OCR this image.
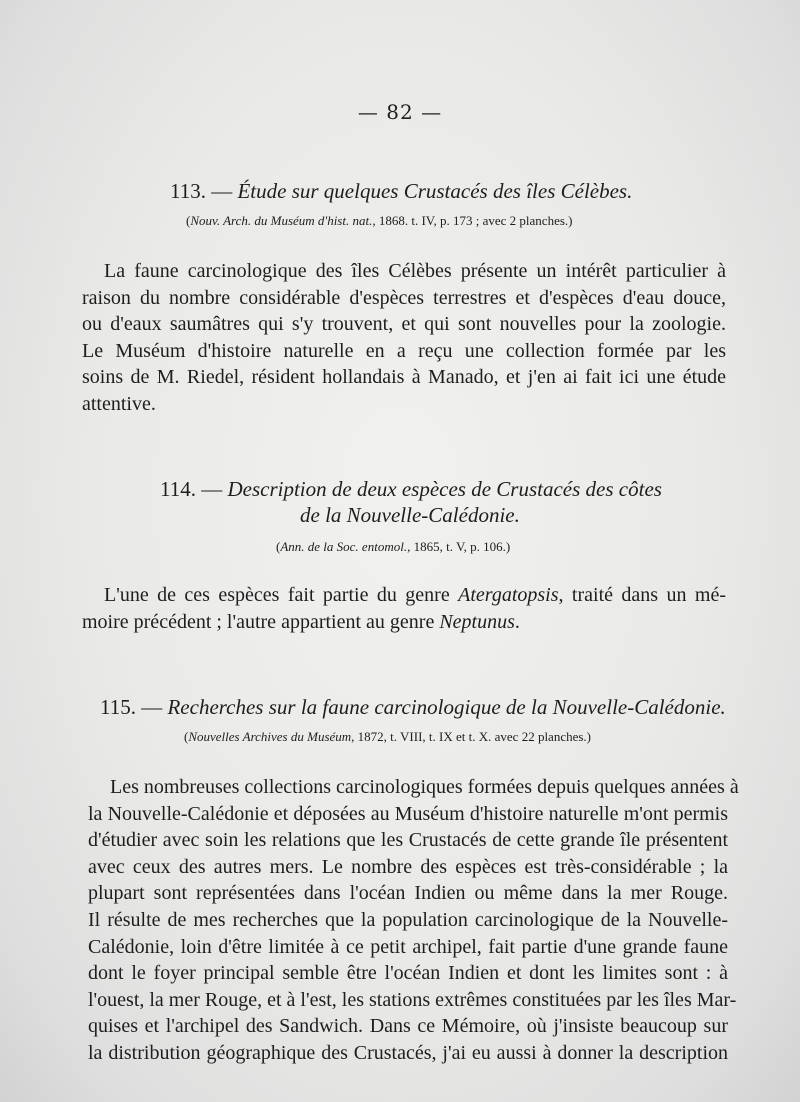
— 82 —
113. — Étude sur quelques Crustacés des îles Célèbes.
(Nouv. Arch. du Muséum d'hist. nat., 1868. t. IV, p. 173 ; avec 2 planches.)
La faune carcinologique des îles Célèbes présente un intérêt particulier à
raison du nombre considérable d'espèces terrestres et d'espèces d'eau douce,
ou d'eaux saumâtres qui s'y trouvent, et qui sont nouvelles pour la zoologie.
Le Muséum d'histoire naturelle en a reçu une collection formée par les
soins de M. Riedel, résident hollandais à Manado, et j'en ai fait ici une étude
attentive.
114. — Description de deux espèces de Crustacés des côtes
de la Nouvelle-Calédonie.
(Ann. de la Soc. entomol., 1865, t. V, p. 106.)
L'une de ces espèces fait partie du genre Atergatopsis, traité dans un mé-
moire précédent ; l'autre appartient au genre Neptunus.
115. — Recherches sur la faune carcinologique de la Nouvelle-Calédonie.
(Nouvelles Archives du Muséum, 1872, t. VIII, t. IX et t. X. avec 22 planches.)
Les nombreuses collections carcinologiques formées depuis quelques années à
la Nouvelle-Calédonie et déposées au Muséum d'histoire naturelle m'ont permis
d'étudier avec soin les relations que les Crustacés de cette grande île présentent
avec ceux des autres mers. Le nombre des espèces est très-considérable ; la
plupart sont représentées dans l'océan Indien ou même dans la mer Rouge.
Il résulte de mes recherches que la population carcinologique de la Nouvelle-
Calédonie, loin d'être limitée à ce petit archipel, fait partie d'une grande faune
dont le foyer principal semble être l'océan Indien et dont les limites sont : à
l'ouest, la mer Rouge, et à l'est, les stations extrêmes constituées par les îles Mar-
quises et l'archipel des Sandwich. Dans ce Mémoire, où j'insiste beaucoup sur
la distribution géographique des Crustacés, j'ai eu aussi à donner la description
